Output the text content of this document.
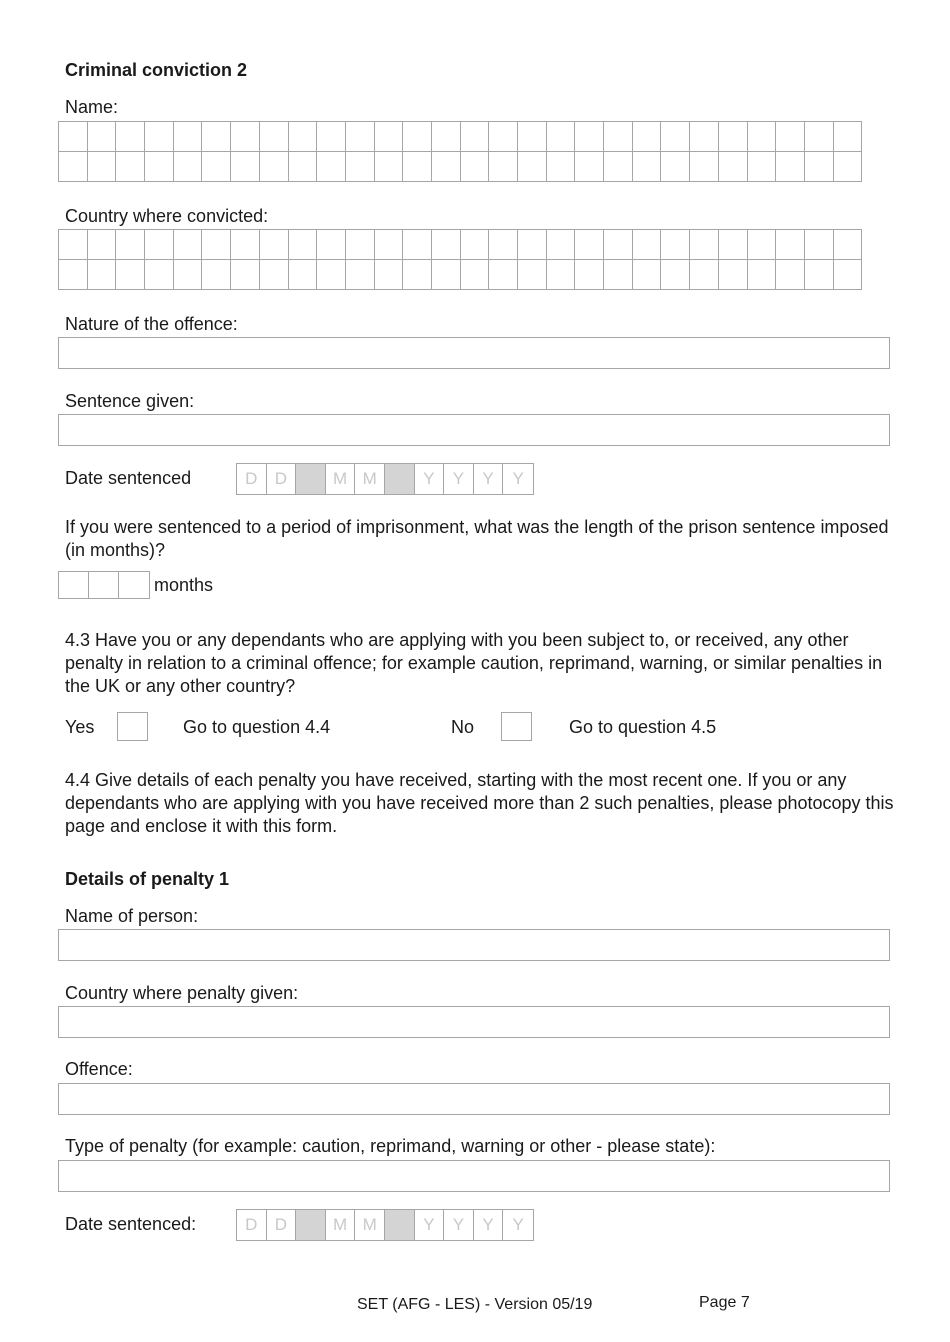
Criminal conviction 2
Name:

Country where convicted:

Nature of the offence:
Sentence given:
Date sentenced	D	D	M M	Y	Y	Y	Y
If you were sentenced to a period of imprisonment, what was the length of the prison sentence imposed (in months)?
months
4.3 Have you or any dependants who are applying with you been subject to, or received, any other penalty in relation to a criminal offence; for example caution, reprimand, warning, or similar penalties in the UK or any other country?
Yes	Go to question 4.4	No	Go to question 4.5
4.4 Give details of each penalty you have received, starting with the most recent one. If you or any dependants who are applying with you have received more than 2 such penalties, please photocopy this page and enclose it with this form.
Details of penalty 1
Name of person:
Country where penalty given:
Offence:
Type of penalty (for example: caution, reprimand, warning or other - please state):
Date sentenced:	D	D	M M	Y	Y	Y	Y
SET (AFG - LES) - Version 05/19	Page 7
